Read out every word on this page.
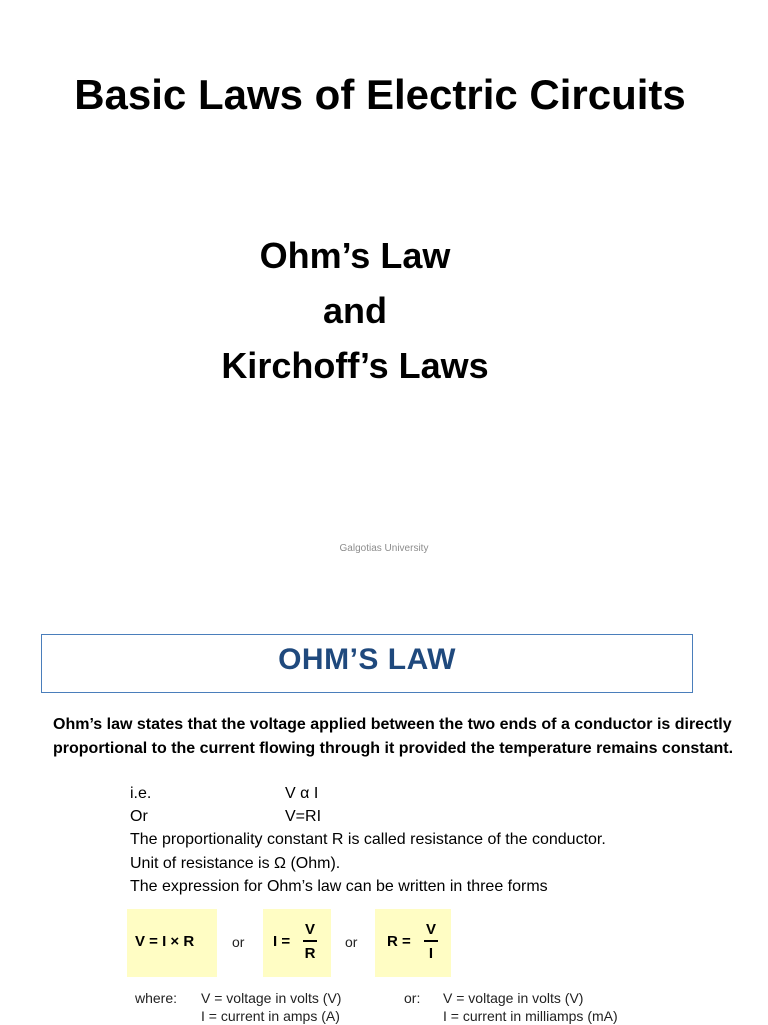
Basic Laws of Electric Circuits
Ohm’s Law
and
Kirchoff’s Laws
Galgotias University
OHM’S LAW
Ohm’s law states that the voltage applied between the two ends of a conductor is directly proportional to the current flowing through it provided the temperature remains constant.
i.e.	V α I
Or	V=RI
The proportionality constant R is called resistance of the conductor.
Unit of resistance is Ω (Ohm).
The expression for Ohm’s law can be written in three forms
V = I × R	or $I = \frac{V}{R}$ or $R = \frac{V}{I}$
where: V = voltage in volts (V)
I = current in amps (A)
or: V = voltage in volts (V)
I = current in milliamps (mA)
